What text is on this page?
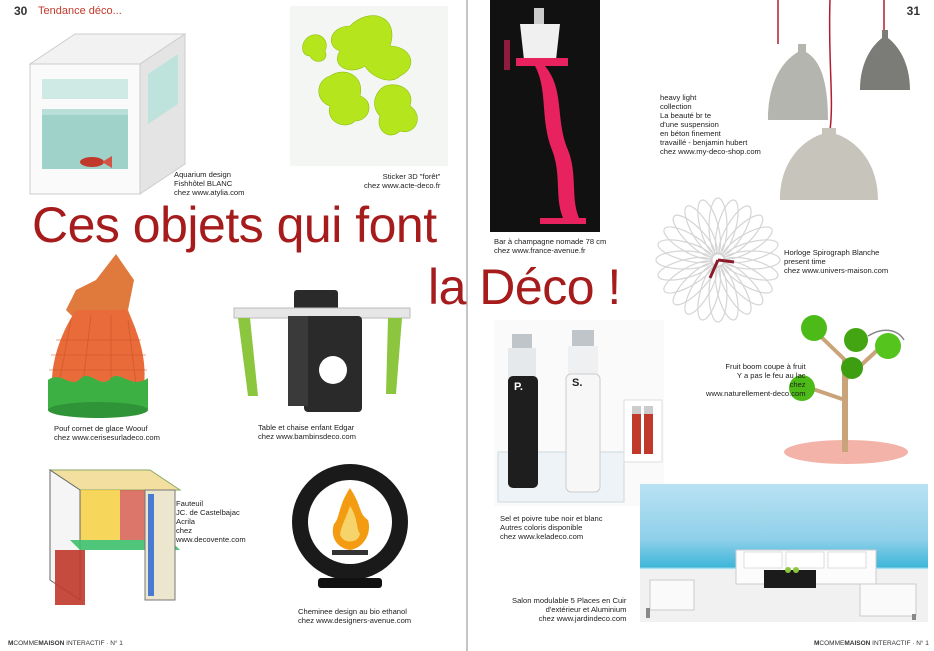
30 Tendance déco...
Aquarium design
Fishhôtel BLANC
chez www.atylia.com
Sticker 3D "forêt"
chez www.acte-deco.fr
Ces objets qui font
Pouf cornet de glace Woouf
chez www.cerisesurladeco.com
Table et chaise enfant Edgar
chez www.bambinsdeco.com
Fauteuil
JC. de Castelbajac
Acrila
chez
www.decovente.com
Cheminee design au bio ethanol
chez www.designers-avenue.com
MCOMMEMAISON INTERACTIF · N° 1
31
Bar à champagne nomade 78 cm
chez www.france-avenue.fr
heavy light
collection
La beauté br te
d'une suspension
en béton finement
travaillé - benjamin hubert
chez www.my-deco-shop.com
Horloge Spirograph Blanche
present time
chez www.univers-maison.com
la Déco !
Fruit boom coupe à fruit
Y a pas le feu au lac
chez
www.naturellement-deco.com
P.	S.
Sel et poivre tube noir et blanc
Autres coloris disponible
chez www.keladeco.com
Salon modulable 5 Places en Cuir
d'extérieur et Aluminium
chez www.jardindeco.com
MCOMMEMAISON INTERACTIF · N° 1
